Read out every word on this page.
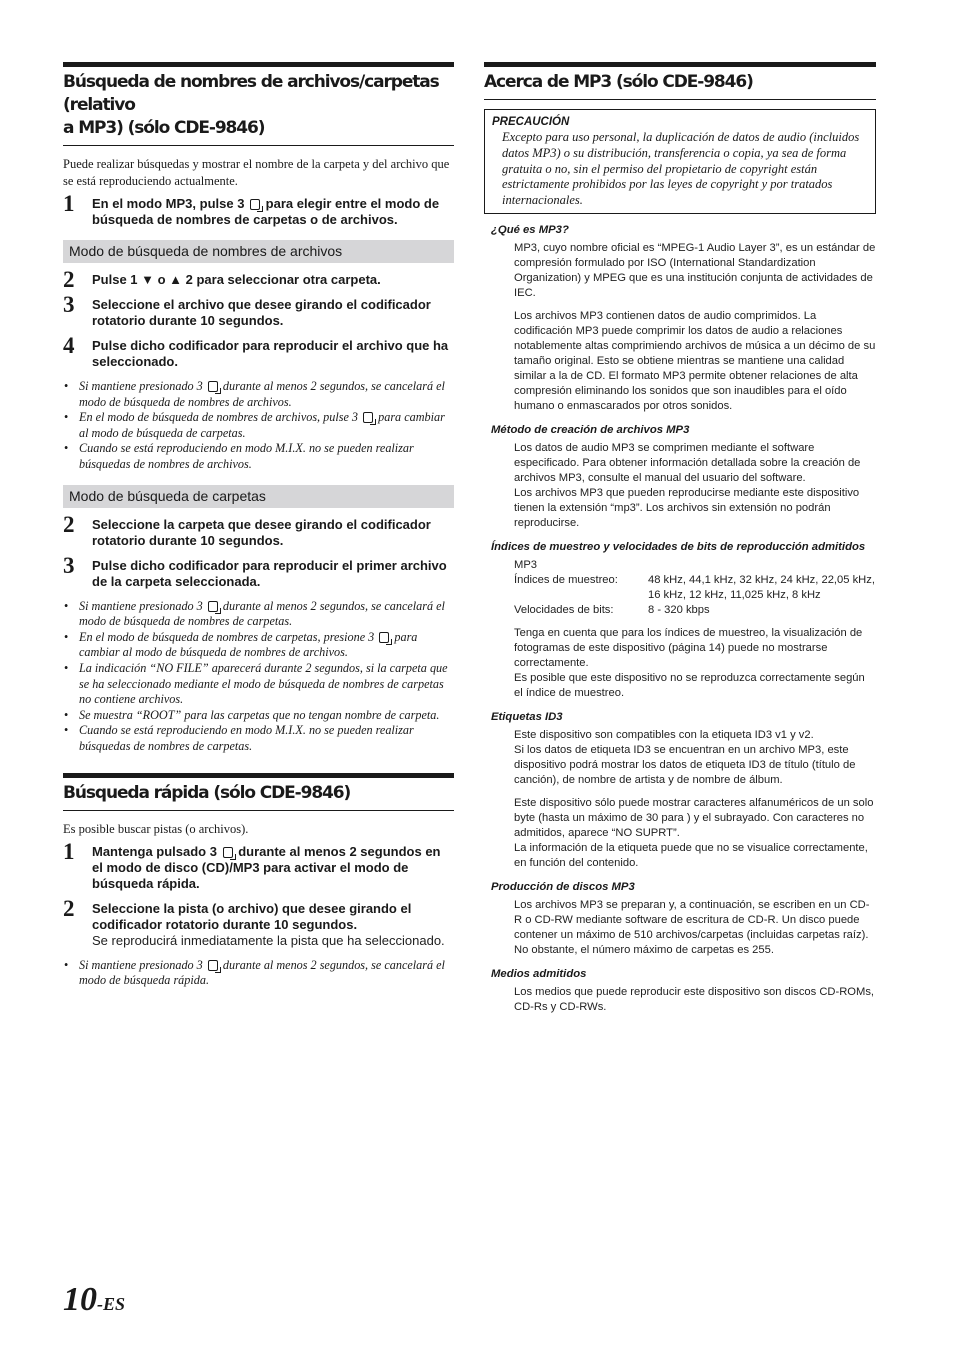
Búsqueda de nombres de archivos/carpetas (relativo
a MP3) (sólo CDE-9846)

Puede realizar búsquedas y mostrar el nombre de la carpeta y del archivo que se está reproduciendo actualmente.

1 En el modo MP3, pulse 3 para elegir entre el modo de búsqueda de nombres de carpetas o de archivos.
Modo de búsqueda de nombres de archivos
2 Pulse 1 ▼ o ▲ 2 para seleccionar otra carpeta.
3 Seleccione el archivo que desee girando el codificador rotatorio durante 10 segundos.
4 Pulse dicho codificador para reproducir el archivo que ha seleccionado.
• Si mantiene presionado 3 durante al menos 2 segundos, se cancelará el modo de búsqueda de nombres de archivos.
• En el modo de búsqueda de nombres de archivos, pulse 3 para cambiar al modo de búsqueda de carpetas.
• Cuando se está reproduciendo en modo M.I.X. no se pueden realizar búsquedas de nombres de archivos.
Modo de búsqueda de carpetas
2 Seleccione la carpeta que desee girando el codificador rotatorio durante 10 segundos.
3 Pulse dicho codificador para reproducir el primer archivo de la carpeta seleccionada.
• Si mantiene presionado 3 durante al menos 2 segundos, se cancelará el modo de búsqueda de nombres de carpetas.
• En el modo de búsqueda de nombres de carpetas, presione 3 para cambiar al modo de búsqueda de nombres de archivos.
• La indicación “NO FILE” aparecerá durante 2 segundos, si la carpeta que se ha seleccionado mediante el modo de búsqueda de nombres de carpetas no contiene archivos.
• Se muestra “ROOT” para las carpetas que no tengan nombre de carpeta.
• Cuando se está reproduciendo en modo M.I.X. no se pueden realizar búsquedas de nombres de carpetas.
Búsqueda rápida (sólo CDE-9846)

Es posible buscar pistas (o archivos).

1 Mantenga pulsado 3 durante al menos 2 segundos en el modo de disco (CD)/MP3 para activar el modo de búsqueda rápida.
2 Seleccione la pista (o archivo) que desee girando el codificador rotatorio durante 10 segundos.
Se reproducirá inmediatamente la pista que ha seleccionado.
• Si mantiene presionado 3 durante al menos 2 segundos, se cancelará el modo de búsqueda rápida.
Acerca de MP3 (sólo CDE-9846)
PRECAUCIÓN
Excepto para uso personal, la duplicación de datos de audio (incluidos datos MP3) o su distribución, transferencia o copia, ya sea de forma gratuita o no, sin el permiso del propietario de copyright están estrictamente prohibidos por las leyes de copyright y por tratados internacionales.
¿Qué es MP3?

MP3, cuyo nombre oficial es “MPEG-1 Audio Layer 3”, es un estándar de compresión formulado por ISO (International Standardization Organization) y MPEG que es una institución conjunta de actividades de IEC.

Los archivos MP3 contienen datos de audio comprimidos. La codificación MP3 puede comprimir los datos de audio a relaciones notablemente altas comprimiendo archivos de música a un décimo de su tamaño original. Esto se obtiene mientras se mantiene una calidad similar a la de CD. El formato MP3 permite obtener relaciones de alta compresión eliminando los sonidos que son inaudibles para el oído humano o enmascarados por otros sonidos.

Método de creación de archivos MP3

Los datos de audio MP3 se comprimen mediante el software especificado. Para obtener información detallada sobre la creación de archivos MP3, consulte el manual del usuario del software.

Los archivos MP3 que pueden reproducirse mediante este dispositivo tienen la extensión “mp3”. Los archivos sin extensión no podrán reproducirse.

Índices de muestreo y velocidades de bits de reproducción admitidos
MP3
Índices de muestreo:	48 kHz, 44,1 kHz, 32 kHz, 24 kHz, 22,05 kHz, 16 kHz, 12 kHz, 11,025 kHz, 8 kHz
Velocidades de bits:	8 - 320 kbps

Tenga en cuenta que para los índices de muestreo, la visualización de fotogramas de este dispositivo (página 14) puede no mostrarse correctamente.

Es posible que este dispositivo no se reproduzca correctamente según el índice de muestreo.

Etiquetas ID3

Este dispositivo son compatibles con la etiqueta ID3 v1 y v2.

Si los datos de etiqueta ID3 se encuentran en un archivo MP3, este dispositivo podrá mostrar los datos de etiqueta ID3 de título (título de canción), de nombre de artista y de nombre de álbum.

Este dispositivo sólo puede mostrar caracteres alfanuméricos de un solo byte (hasta un máximo de 30 para ) y el subrayado. Con caracteres no admitidos, aparece “NO SUPRT”.

La información de la etiqueta puede que no se visualice correctamente, en función del contenido.

Producción de discos MP3

Los archivos MP3 se preparan y, a continuación, se escriben en un CD-R o CD-RW mediante software de escritura de CD-R. Un disco puede contener un máximo de 510 archivos/carpetas (incluidas carpetas raíz). No obstante, el número máximo de carpetas es 255.

Medios admitidos

Los medios que puede reproducir este dispositivo son discos CD-ROMs, CD-Rs y CD-RWs.

10-ES
